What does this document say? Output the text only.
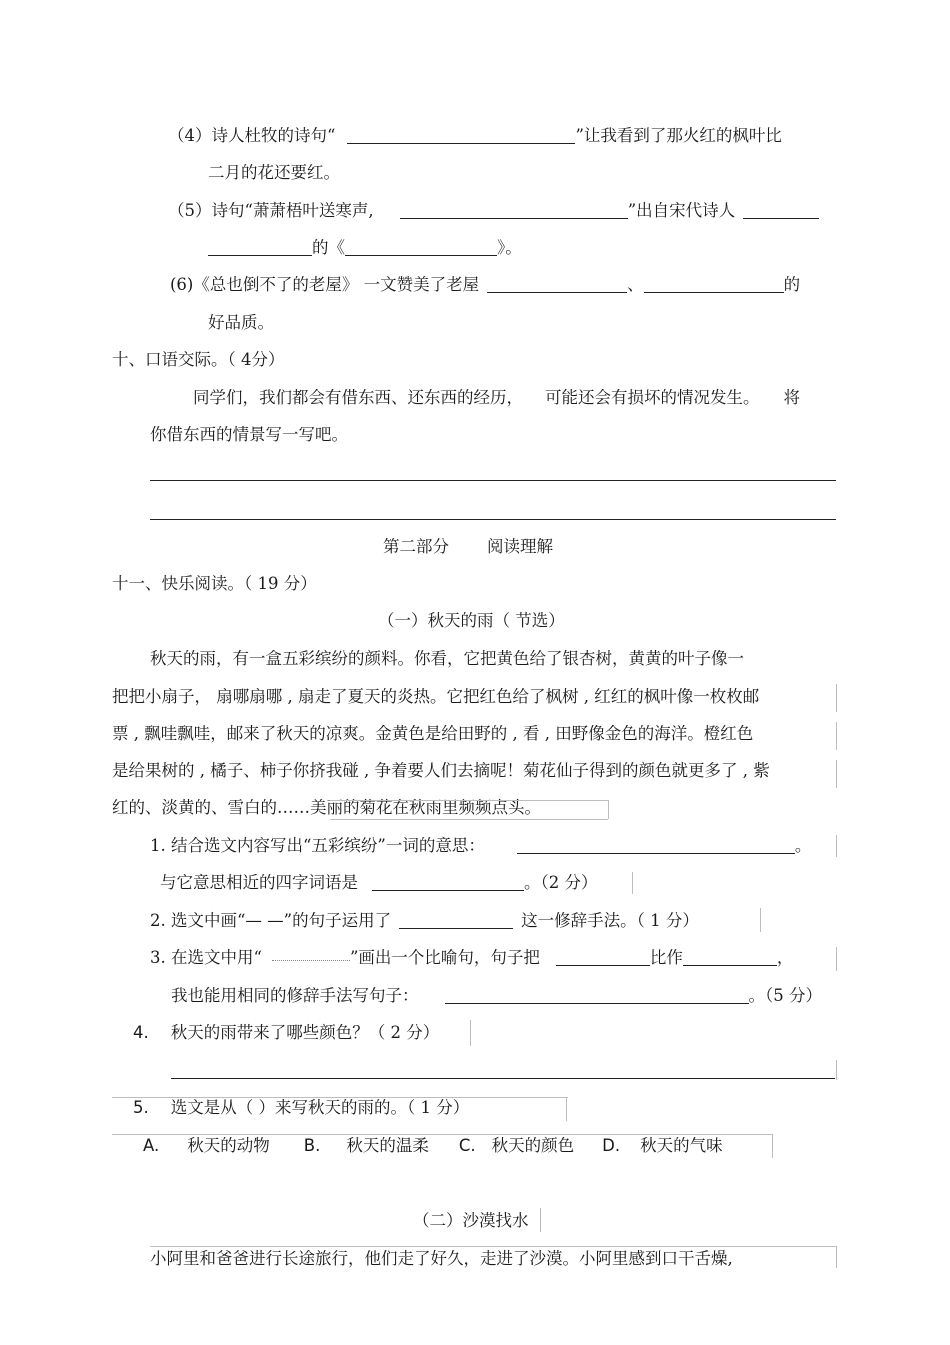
（4）诗人杜牧的诗句“	”让我看到了那火红的枫叶比
二月的花还要红。
（5）诗句“萧萧梧叶送寒声,	”出自宋代诗人
的《	》。
(6)《总也倒不了的老屋》 一文赞美了老屋	、	的
好品质。
十、口语交际。（ 4分）
同学们，我们都会有借东西、还东西的经历， 可能还会有损坏的情况发生。 将
你借东西的情景写一写吧。
第二部分 阅读理解
十一、快乐阅读。（ 19 分）
（一）秋天的雨（ 节选）
秋天的雨，有一盒五彩缤纷的颜料。你看，它把黄色给了银杏树，黄黄的叶子像一
把把小扇子， 扇哪扇哪 , 扇走了夏天的炎热。它把红色给了枫树 , 红红的枫叶像一枚枚邮
票 , 飘哇飘哇，邮来了秋天的凉爽。金黄色是给田野的 , 看 , 田野像金色的海洋。橙红色
是给果树的 , 橘子、柿子你挤我碰 , 争着要人们去摘呢！菊花仙子得到的颜色就更多了 , 紫
红的、淡黄的、雪白的……美丽的菊花在秋雨里频频点头。
1. 结合选文内容写出“五彩缤纷”一词的意思：	。
与它意思相近的四字词语是	。（2 分）
2. 选文中画“— —”的句子运用了	这一修辞手法。（ 1 分）
3. 在选文中用“	”画出一个比喻句，句子把	比作	，
我也能用相同的修辞手法写句子：	。（5 分）
4. 秋天的雨带来了哪些颜色？（ 2 分）
5. 选文是从（ ）来写秋天的雨的。（ 1 分）
A. 秋天的动物 B. 秋天的温柔 C. 秋天的颜色 D. 秋天的气味
（二）沙漠找水
小阿里和爸爸进行长途旅行，他们走了好久，走进了沙漠。小阿里感到口干舌燥,
